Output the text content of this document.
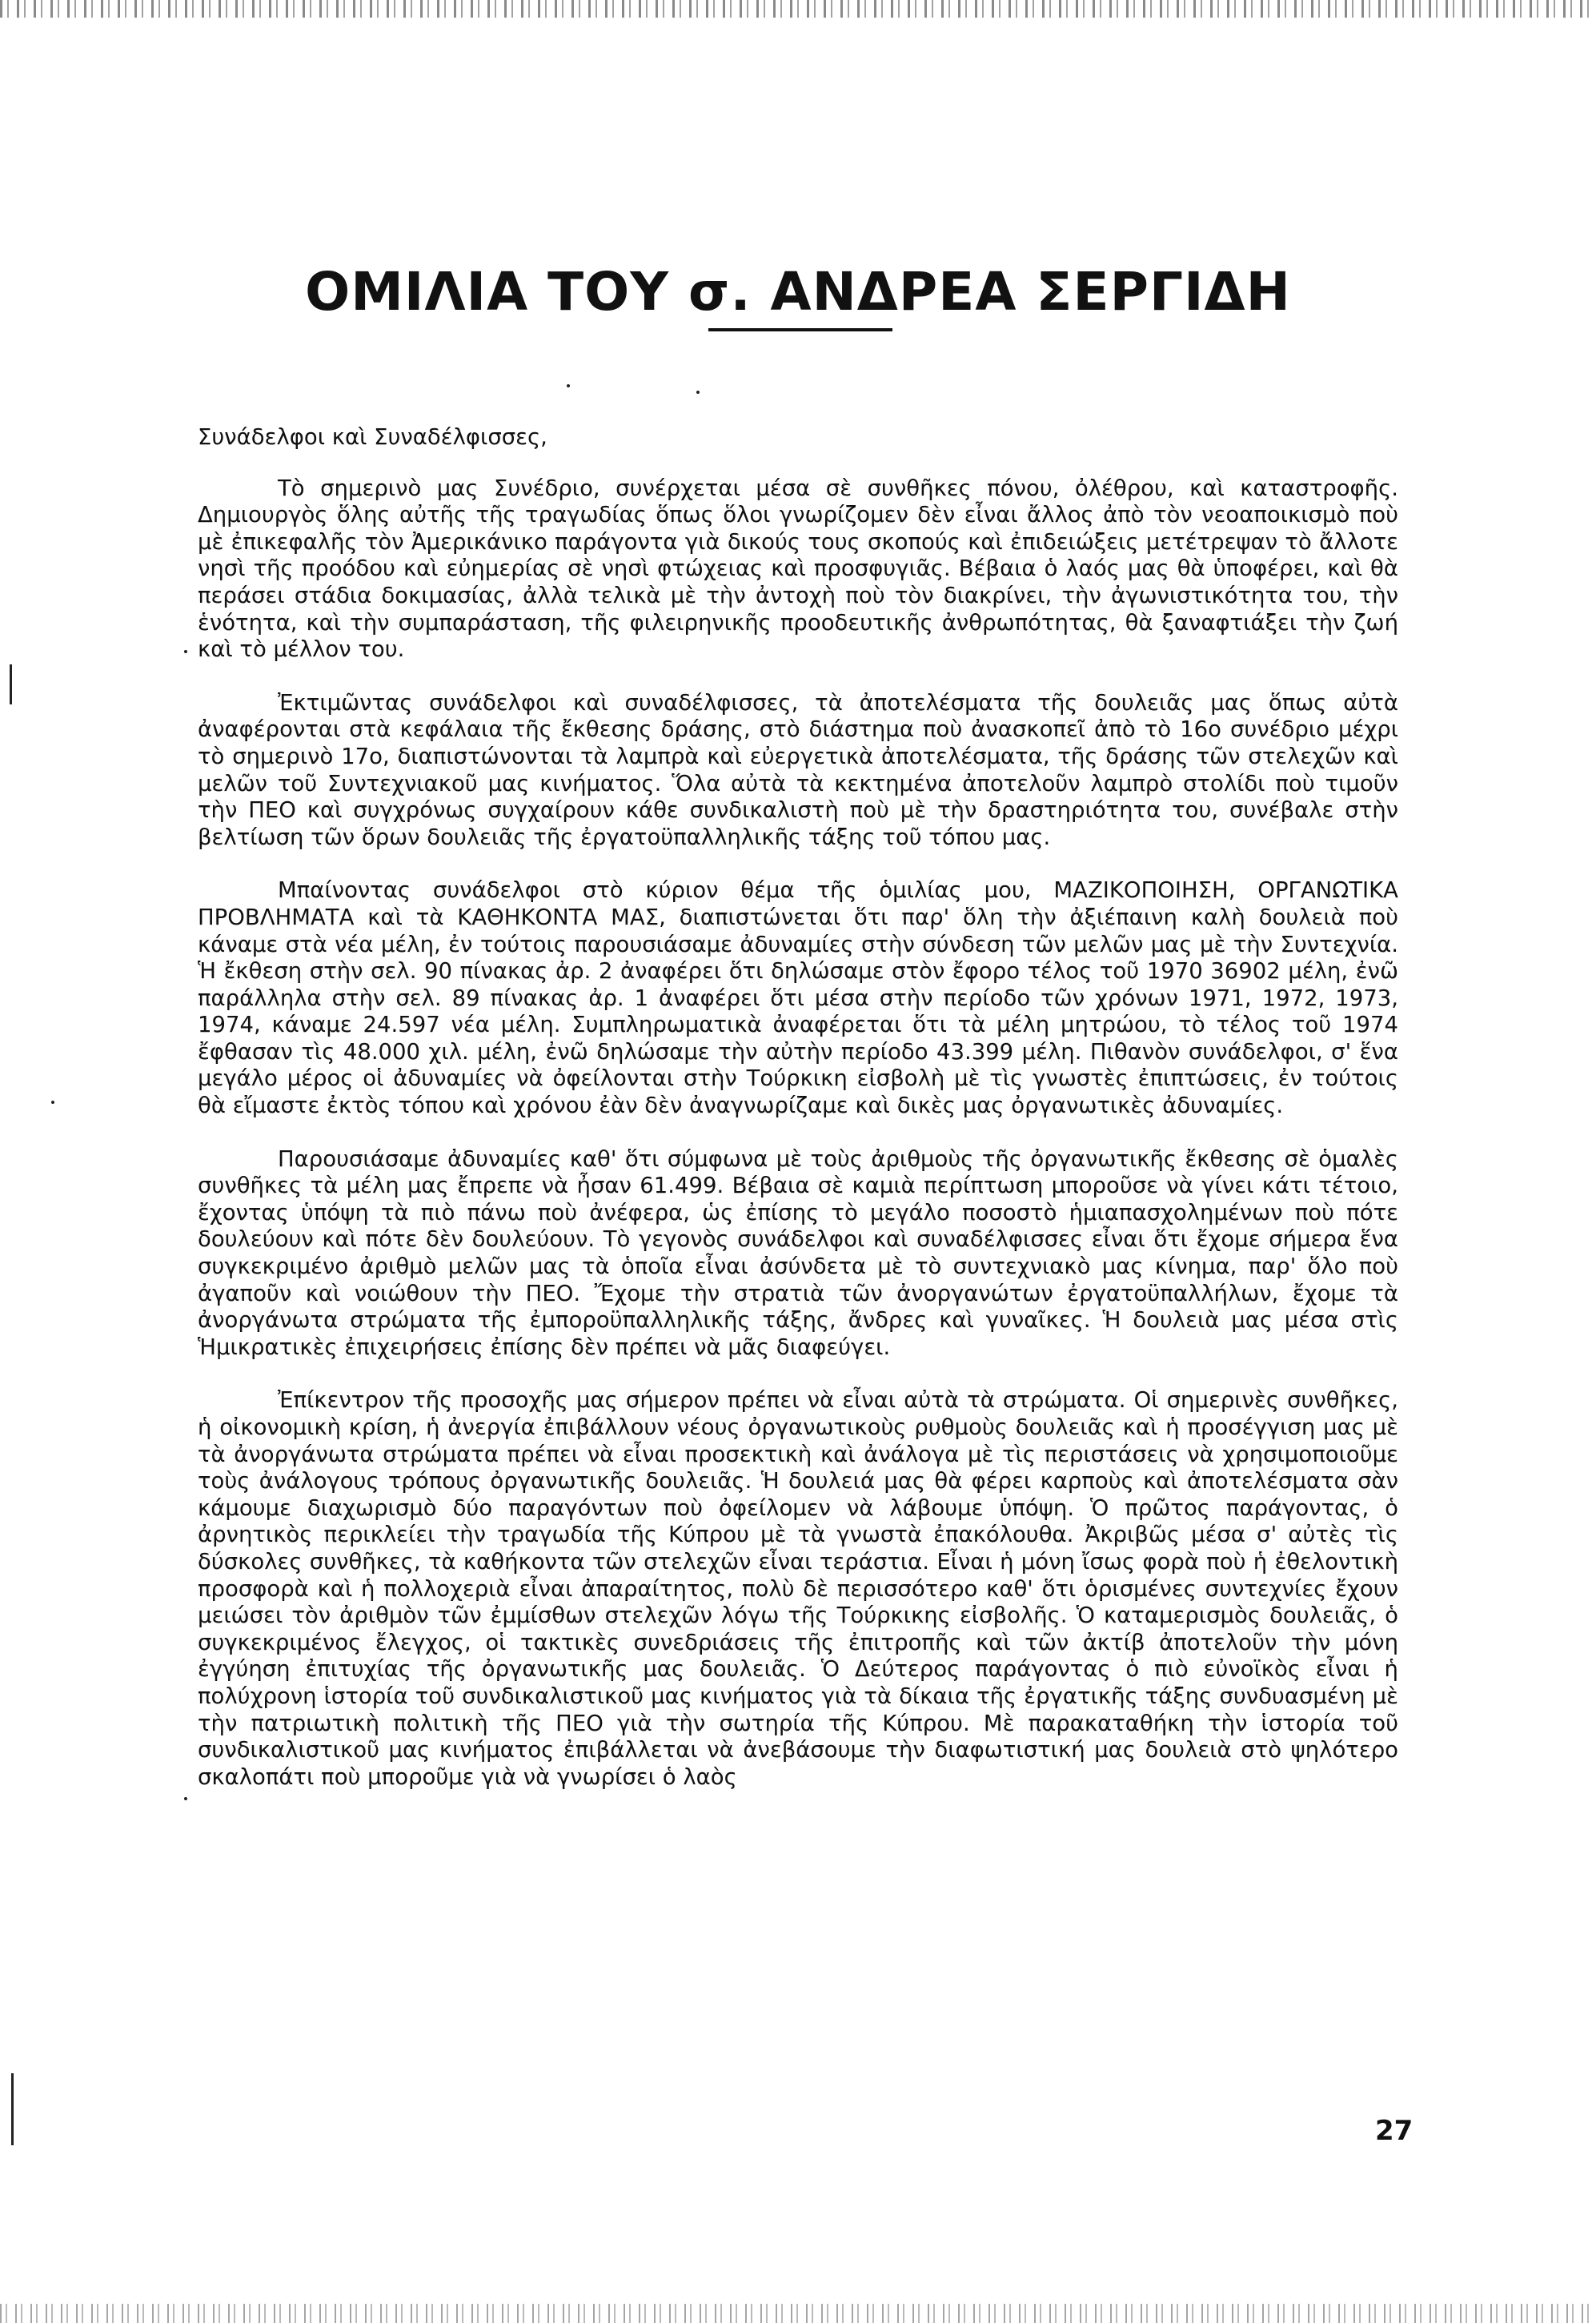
ΟΜΙΛΙΑ ΤΟΥ σ. ΑΝΔΡΕΑ ΣΕΡΓΙΔΗ

Συνάδελφοι καὶ Συναδέλφισσες,

Τὸ σημερινὸ μας Συνέδριο, συνέρχεται μέσα σὲ συνθῆκες πόνου, ὀλέθρου, καὶ καταστροφῆς. Δημιουργὸς ὅλης αὐτῆς τῆς τραγωδίας ὅπως ὅλοι γνωρίζομεν δὲν εἶναι ἄλλος ἀπὸ τὸν νεοαποικισμὸ ποὺ μὲ ἐπικεφαλῆς τὸν Ἀμερικάνικο παράγοντα γιὰ δικούς τους σκοπούς καὶ ἐπιδειώξεις μετέτρεψαν τὸ ἄλλοτε νησὶ τῆς προόδου καὶ εὐημερίας σὲ νησὶ φτώχειας καὶ προσφυγιᾶς. Βέβαια ὁ λαός μας θὰ ὑποφέρει, καὶ θὰ περάσει στάδια δοκιμασίας, ἀλλὰ τελικὰ μὲ τὴν ἀντοχὴ ποὺ τὸν διακρίνει, τὴν ἀγωνιστικότητα του, τὴν ἑνότητα, καὶ τὴν συμπαράσταση, τῆς φιλειρηνικῆς προοδευτικῆς ἀνθρωπότητας, θὰ ξαναφτιάξει τὴν ζωή καὶ τὸ μέλλον του.

Ἐκτιμῶντας συνάδελφοι καὶ συναδέλφισσες, τὰ ἀποτελέσματα τῆς δουλειᾶς μας ὅπως αὐτὰ ἀναφέρονται στὰ κεφάλαια τῆς ἔκθεσης δράσης, στὸ διάστημα ποὺ ἀνασκοπεῖ ἀπὸ τὸ 16ο συνέδριο μέχρι τὸ σημερινὸ 17ο, διαπιστώνονται τὰ λαμπρὰ καὶ εὐεργετικὰ ἀποτελέσματα, τῆς δράσης τῶν στελεχῶν καὶ μελῶν τοῦ Συντεχνιακοῦ μας κινήματος. Ὅλα αὐτὰ τὰ κεκτημένα ἀποτελοῦν λαμπρὸ στολίδι ποὺ τιμοῦν τὴν ΠΕΟ καὶ συγχρόνως συγχαίρουν κάθε συνδικαλιστὴ ποὺ μὲ τὴν δραστηριότητα του, συνέβαλε στὴν βελτίωση τῶν ὅρων δουλειᾶς τῆς ἐργατοϋπαλληλικῆς τάξης τοῦ τόπου μας.

Μπαίνοντας συνάδελφοι στὸ κύριον θέμα τῆς ὁμιλίας μου, ΜΑΖΙΚΟΠΟΙΗΣΗ, ΟΡΓΑΝΩΤΙΚΑ ΠΡΟΒΛΗΜΑΤΑ καὶ τὰ ΚΑΘΗΚΟΝΤΑ ΜΑΣ, διαπιστώνεται ὅτι παρ' ὅλη τὴν ἀξιέπαινη καλὴ δουλειὰ ποὺ κάναμε στὰ νέα μέλη, ἐν τούτοις παρουσιάσαμε ἀδυναμίες στὴν σύνδεση τῶν μελῶν μας μὲ τὴν Συντεχνία. Ἡ ἔκθεση στὴν σελ. 90 πίνακας ἀρ. 2 ἀναφέρει ὅτι δηλώσαμε στὸν ἔφορο τέλος τοῦ 1970 36902 μέλη, ἐνῶ παράλληλα στὴν σελ. 89 πίνακας ἀρ. 1 ἀναφέρει ὅτι μέσα στὴν περίοδο τῶν χρόνων 1971, 1972, 1973, 1974, κάναμε 24.597 νέα μέλη. Συμπληρωματικὰ ἀναφέρεται ὅτι τὰ μέλη μητρώου, τὸ τέλος τοῦ 1974 ἔφθασαν τὶς 48.000 χιλ. μέλη, ἐνῶ δηλώσαμε τὴν αὐτὴν περίοδο 43.399 μέλη. Πιθανὸν συνάδελφοι, σ' ἕνα μεγάλο μέρος οἱ ἀδυναμίες νὰ ὀφείλονται στὴν Τούρκικη εἰσβολὴ μὲ τὶς γνωστὲς ἐπιπτώσεις, ἐν τούτοις θὰ εἴμαστε ἐκτὸς τόπου καὶ χρόνου ἐὰν δὲν ἀναγνωρίζαμε καὶ δικὲς μας ὀργανωτικὲς ἀδυναμίες.

Παρουσιάσαμε ἀδυναμίες καθ' ὅτι σύμφωνα μὲ τοὺς ἀριθμοὺς τῆς ὀργανωτικῆς ἔκθεσης σὲ ὁμαλὲς συνθῆκες τὰ μέλη μας ἔπρεπε νὰ ἦσαν 61.499. Βέβαια σὲ καμιὰ περίπτωση μποροῦσε νὰ γίνει κάτι τέτοιο, ἔχοντας ὑπόψη τὰ πιὸ πάνω ποὺ ἀνέφερα, ὡς ἐπίσης τὸ μεγάλο ποσοστὸ ἡμιαπασχολημένων ποὺ πότε δουλεύουν καὶ πότε δὲν δουλεύουν. Τὸ γεγονὸς συνάδελφοι καὶ συναδέλφισσες εἶναι ὅτι ἔχομε σήμερα ἕνα συγκεκριμένο ἀριθμὸ μελῶν μας τὰ ὁποῖα εἶναι ἀσύνδετα μὲ τὸ συντεχνιακὸ μας κίνημα, παρ' ὅλο ποὺ ἀγαποῦν καὶ νοιώθουν τὴν ΠΕΟ. Ἔχομε τὴν στρατιὰ τῶν ἀνοργανώτων ἐργατοϋπαλλήλων, ἔχομε τὰ ἀνοργάνωτα στρώματα τῆς ἐμποροϋπαλληλικῆς τάξης, ἄνδρες καὶ γυναῖκες. Ἡ δουλειὰ μας μέσα στὶς Ἡμικρατικὲς ἐπιχειρήσεις ἐπίσης δὲν πρέπει νὰ μᾶς διαφεύγει.

Ἐπίκεντρον τῆς προσοχῆς μας σήμερον πρέπει νὰ εἶναι αὐτὰ τὰ στρώματα. Οἱ σημερινὲς συνθῆκες, ἡ οἰκονομικὴ κρίση, ἡ ἀνεργία ἐπιβάλλουν νέους ὀργανωτικοὺς ρυθμοὺς δουλειᾶς καὶ ἡ προσέγγιση μας μὲ τὰ ἀνοργάνωτα στρώματα πρέπει νὰ εἶναι προσεκτικὴ καὶ ἀνάλογα μὲ τὶς περιστάσεις νὰ χρησιμοποιοῦμε τοὺς ἀνάλογους τρόπους ὀργανωτικῆς δουλειᾶς. Ἡ δουλειά μας θὰ φέρει καρποὺς καὶ ἀποτελέσματα σὰν κάμουμε διαχωρισμὸ δύο παραγόντων ποὺ ὀφείλομεν νὰ λάβουμε ὑπόψη. Ὁ πρῶτος παράγοντας, ὁ ἀρνητικὸς περικλείει τὴν τραγωδία τῆς Κύπρου μὲ τὰ γνωστὰ ἐπακόλουθα. Ἀκριβῶς μέσα σ' αὐτὲς τὶς δύσκολες συνθῆκες, τὰ καθήκοντα τῶν στελεχῶν εἶναι τεράστια. Εἶναι ἡ μόνη ἴσως φορὰ ποὺ ἡ ἐθελοντικὴ προσφορὰ καὶ ἡ πολλοχεριὰ εἶναι ἀπαραίτητος, πολὺ δὲ περισσότερο καθ' ὅτι ὁρισμένες συντεχνίες ἔχουν μειώσει τὸν ἀριθμὸν τῶν ἐμμίσθων στελεχῶν λόγω τῆς Τούρκικης εἰσβολῆς. Ὁ καταμερισμὸς δουλειᾶς, ὁ συγκεκριμένος ἔλεγχος, οἱ τακτικὲς συνεδριάσεις τῆς ἐπιτροπῆς καὶ τῶν ἀκτίβ ἀποτελοῦν τὴν μόνη ἐγγύηση ἐπιτυχίας τῆς ὀργανωτικῆς μας δουλειᾶς. Ὁ Δεύτερος παράγοντας ὁ πιὸ εὐνοϊκὸς εἶναι ἡ πολύχρονη ἱστορία τοῦ συνδικαλιστικοῦ μας κινήματος γιὰ τὰ δίκαια τῆς ἐργατικῆς τάξης συνδυασμένη μὲ τὴν πατριωτικὴ πολιτικὴ τῆς ΠΕΟ γιὰ τὴν σωτηρία τῆς Κύπρου. Μὲ παρακαταθήκη τὴν ἱστορία τοῦ συνδικαλιστικοῦ μας κινήματος ἐπιβάλλεται νὰ ἀνεβάσουμε τὴν διαφωτιστική μας δουλειὰ στὸ ψηλότερο σκαλοπάτι ποὺ μποροῦμε γιὰ νὰ γνωρίσει ὁ λαὸς

27
